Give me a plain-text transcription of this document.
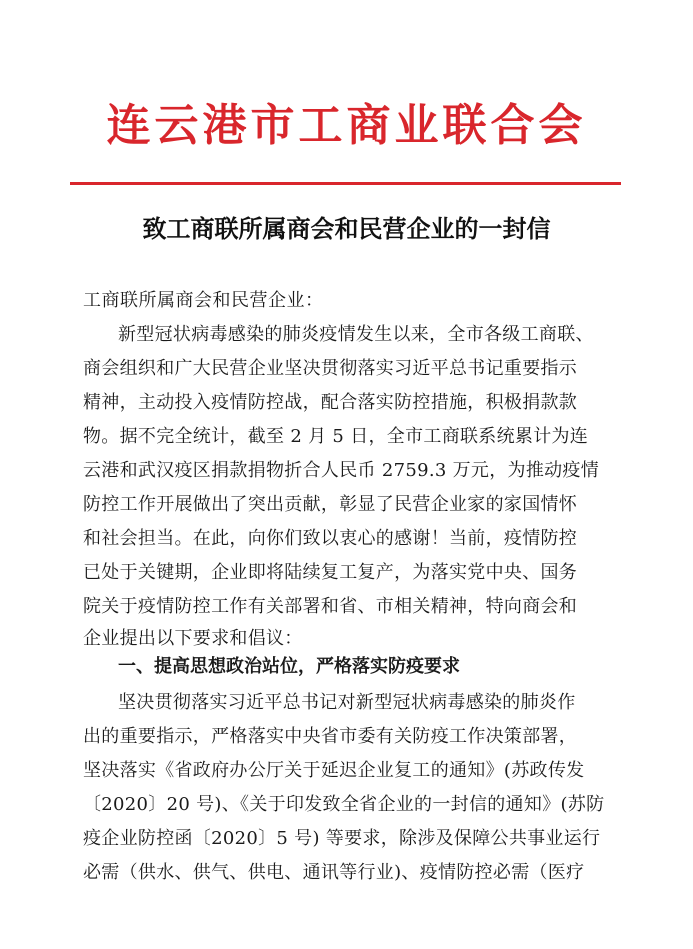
连云港市工商业联合会
致工商联所属商会和民营企业的一封信
工商联所属商会和民营企业：
新型冠状病毒感染的肺炎疫情发生以来，全市各级工商联、
商会组织和广大民营企业坚决贯彻落实习近平总书记重要指示
精神，主动投入疫情防控战，配合落实防控措施，积极捐款款
物。据不完全统计，截至 2 月 5 日，全市工商联系统累计为连
云港和武汉疫区捐款捐物折合人民币 2759.3 万元，为推动疫情
防控工作开展做出了突出贡献，彰显了民营企业家的家国情怀
和社会担当。在此，向你们致以衷心的感谢！当前，疫情防控
已处于关键期，企业即将陆续复工复产，为落实党中央、国务
院关于疫情防控工作有关部署和省、市相关精神，特向商会和
企业提出以下要求和倡议：
一、提高思想政治站位，严格落实防疫要求
坚决贯彻落实习近平总书记对新型冠状病毒感染的肺炎作
出的重要指示，严格落实中央省市委有关防疫工作决策部署，
坚决落实《省政府办公厅关于延迟企业复工的通知》(苏政传发
〔2020〕20 号)、《关于印发致全省企业的一封信的通知》(苏防
疫企业防控函〔2020〕5 号) 等要求，除涉及保障公共事业运行
必需（供水、供气、供电、通讯等行业)、疫情防控必需（医疗
